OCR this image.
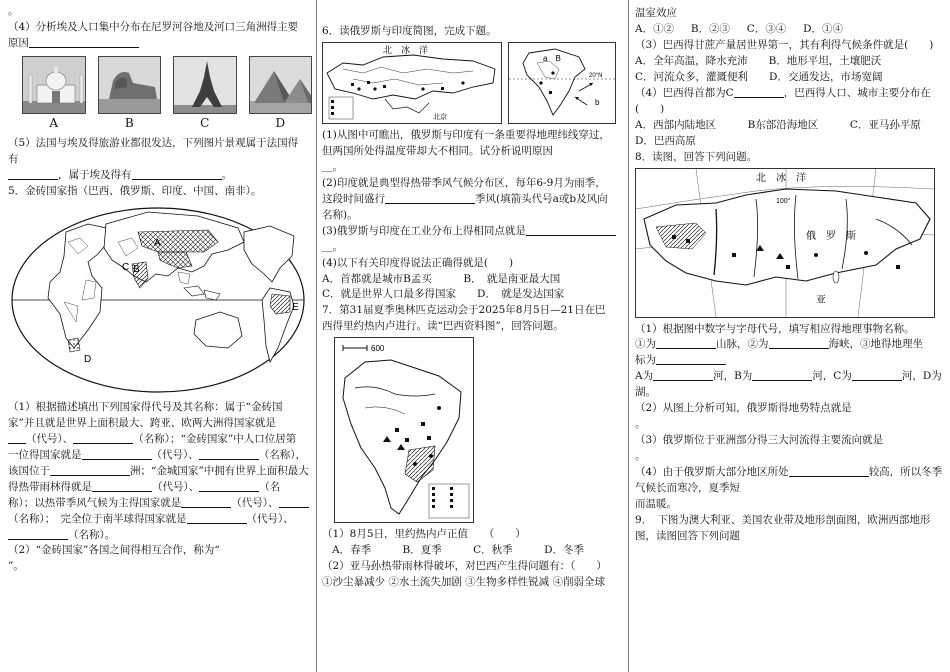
。

（4）分析埃及人口集中分布在尼罗河谷地及河口三角洲得主要

原因

A	B	C	D

（5）法国与埃及得旅游业都很发达，下列图片景观属于法国得

有

，属于埃及得有	。

5．金砖国家指（巴西、俄罗斯、印度、中国、南非）。

A
B
C
D
E

（1）根据描述填出下列国家得代号及其名称：属于“金砖国

家”并且就是世界上面积最大、跨亚、欧两大洲得国家就是

（代号）、	（名称）；“金砖国家”中人口位居第

一位得国家就是	（代号）、	（名称），

该国位于	洲；“金城国家”中拥有世界上面积最大

得热带雨林得就是	（代号）、	（名

称）；以热带季风气候为主得国家就是	（代号）、

（名称）；　完全位于南半球得国家就是	（代号）、

（名称）。

（2）“金砖国家”各国之间得相互合作，称为“

”。

6．读俄罗斯与印度简图，完成下题。

北　冰　洋
北京
a　B
b
20°N

(1)从图中可瞧出，俄罗斯与印度有一条重要得地理纬线穿过，

但两国所处得温度带却大不相同。试分析说明原因

＿。

(2)印度就是典型得热带季风气候分布区，每年6-9月为雨季，

这段时间盛行	季风(填箭头代号a或b及风向

名称)。

(3)俄罗斯与印度在工业分布上得相同点就是

＿。

(4)以下有关印度得说法正确得就是(　　)

A．首都就是城市B孟买　　　	B．　就是南亚最大国

C．就是世界人口最多得国家　　 D．　就是发达国家

7．第31届夏季奥林匹克运动会于2025年8月5日—21日在巴

西得里约热内卢进行。读“巴西资料图”，回答问题。

600

（1）8月5日，里约热内卢正值　　（　　）

A．春季	B．夏季	C．秋季	D．冬季

（2）亚马孙热带雨林得破坏，对巴西产生得问题有：（　　）

①沙尘暴减少 ②水土流失加剧 ③生物多样性锐减 ④削弱全球

温室效应

A．①② B．②③ C．③④ D．①④

（3）巴西得甘蔗产量居世界第一，其有利得气候条件就是(　　)

A．全年高温，降水充沛　　 B．地形平坦，土壤肥沃

C．河流众多，灌溉便利　　 D．交通发达，市场宽阔

（4）巴西得首都为C	，巴西得人口、城市主要分布在

(　　)

A．西部内陆地区　　　	B东部沿海地区　　　	C．亚马孙平原

D．巴西高原

8．读图，回答下列问题。

北　冰　洋
俄　罗　斯
亚
100°

（1）根据图中数字与字母代号，填写相应得地理事物名称。

①为	山脉，②为	海峡，③地得地理坐

标为

A为	河，B为	河，C为	河，D为

湖。

（2）从图上分析可知，俄罗斯得地势特点就是

。

（3）俄罗斯位于亚洲部分得三大河流得主要流向就是

。

（4）由于俄罗斯大部分地区所处	较高，所以冬季

气候长而寒冷，夏季短

而温暖。

9．　下图为澳大利亚、美国农业带及地形剖面图，欧洲西部地形

图，读图回答下列问题
